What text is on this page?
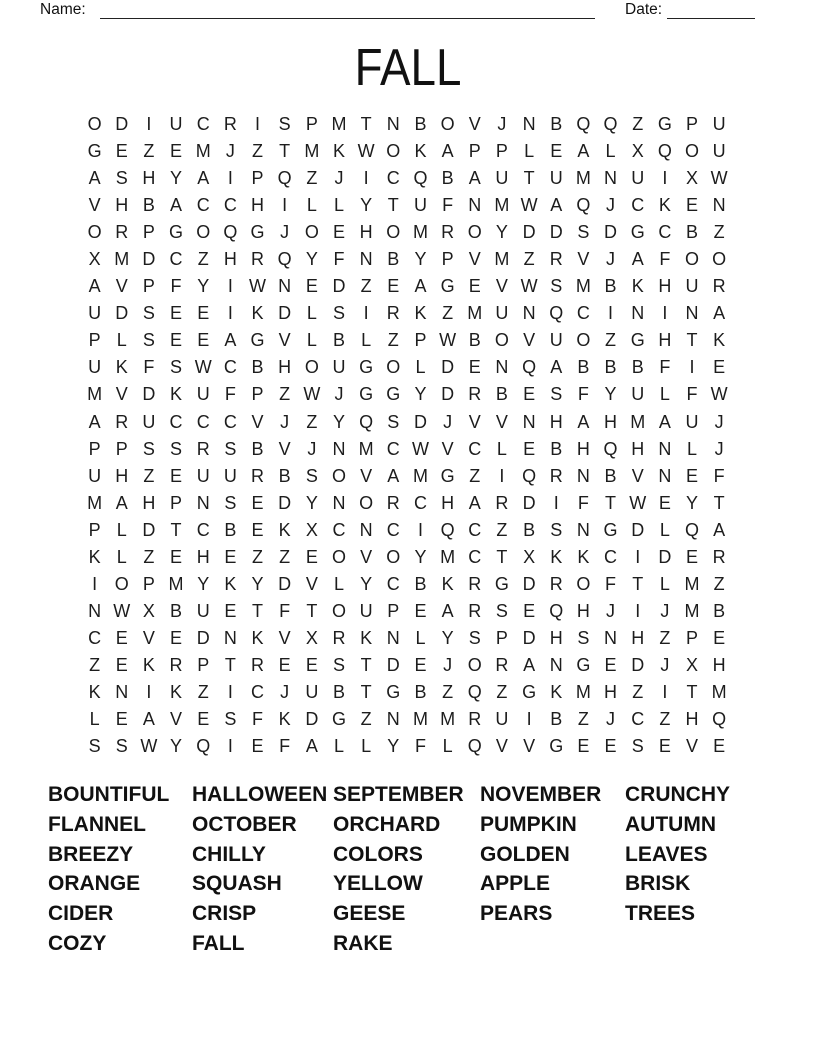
Name:	Date:
FALL
O D	I	U C R	I	S P M T N B O V J N B Q Q Z G P U
G E Z E M J Z T M K W O K A P P L E A L X Q O U
A S H Y A	I	P Q Z J	I	C Q B A U T U M N U	I	X W
V H B A C C H	I	L L Y T U F N M W A Q J C K E N
O R P G O Q G J O E H O M R O Y D D S D G C B Z
X M D C Z H R Q Y F N B Y P V M Z R V J A F O O
A V P F Y	I W N E D Z E A G E V W S M B K H U R
U D S E E	I	K D L S	I	R K Z M U N Q C	I	N	I	N A
P L S E E A G V L B L Z P W B O V U O Z G H T K
U K F S W C B H O U G O L D E N Q A B B B F	I	E
M V D K U F P Z W J G G Y D R B E S F Y U L F W
A R U C C C V J Z Y Q S D J V V N H A H M A U J
P P S S R S B V J N M C W V C L E B H Q H N L J
U H Z E U U R B S O V A M G Z	I Q R N B V N E F
M A H P N S E D Y N O R C H A R D	I	F T W E Y T
P L D T C B E K X C N C	I Q C Z B S N G D L Q A
K L Z E H E Z Z E O V O Y M C T X K K C	I	D E R
I O P M Y K Y D V L Y C B K R G D R O F T L M Z
N W X B U E T F T O U P E A R S E Q H J	I	J M B
C E V E D N K V X R K N L Y S P D H S N H Z P E
Z E K R P T R E E S T D E J O R A N G E D J X H
K N	I	K Z	I	C J U B T G B Z Q Z G K M H Z	I	T M
L E A V E S F K D G Z N M M R U	I	B Z J C Z H Q
S S W Y Q I	E F A L L Y F L Q V V G E E S E V E
BOUNTIFUL
FLANNEL
BREEZY
ORANGE
CIDER
COZY
HALLOWEEN
OCTOBER
CHILLY
SQUASH
CRISP
FALL
SEPTEMBER
ORCHARD
COLORS
YELLOW
GEESE
RAKE
NOVEMBER
PUMPKIN
GOLDEN
APPLE
PEARS
CRUNCHY
AUTUMN
LEAVES
BRISK
TREES
